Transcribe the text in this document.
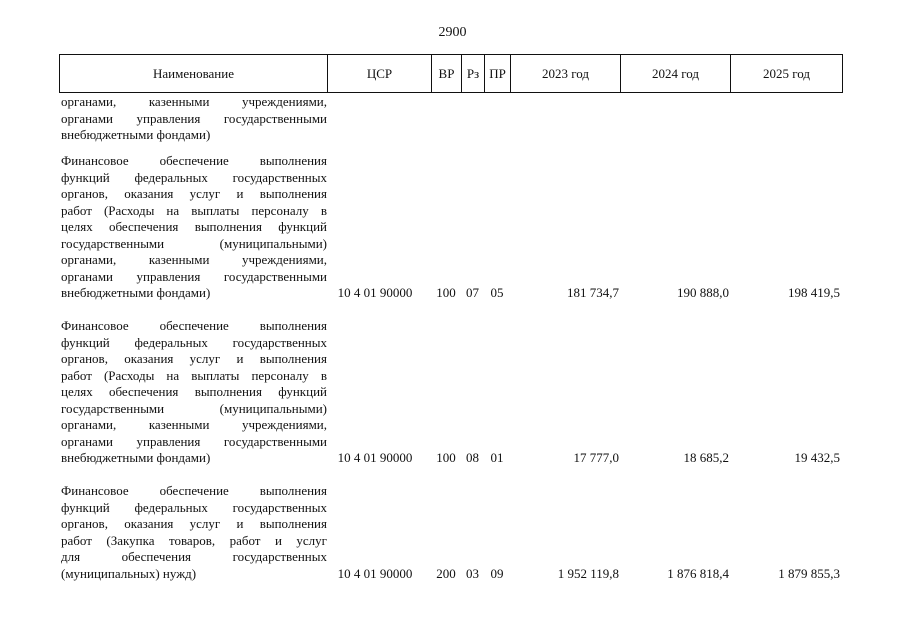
2900
Наименование	ЦСР	ВР	Рз	ПР	2023 год	2024 год	2025 год
органами, казенными учреждениями,
органами управления государственными
внебюджетными фондами)
Финансовое обеспечение выполнения
функций федеральных государственных
органов, оказания услуг и выполнения
работ (Расходы на выплаты персоналу в
целях обеспечения выполнения функций
государственными (муниципальными)
органами, казенными учреждениями,
органами управления государственными
внебюджетными фондами)	10 4 01 90000	100 07 05	181 734,7	190 888,0	198 419,5
Финансовое обеспечение выполнения
функций федеральных государственных
органов, оказания услуг и выполнения
работ (Расходы на выплаты персоналу в
целях обеспечения выполнения функций
государственными (муниципальными)
органами, казенными учреждениями,
органами управления государственными
внебюджетными фондами)	10 4 01 90000	100 08 01	17 777,0	18 685,2	19 432,5
Финансовое обеспечение выполнения
функций федеральных государственных
органов, оказания услуг и выполнения
работ (Закупка товаров, работ и услуг
для обеспечения государственных
(муниципальных) нужд)	10 4 01 90000	200 03 09	1 952 119,8	1 876 818,4	1 879 855,3
